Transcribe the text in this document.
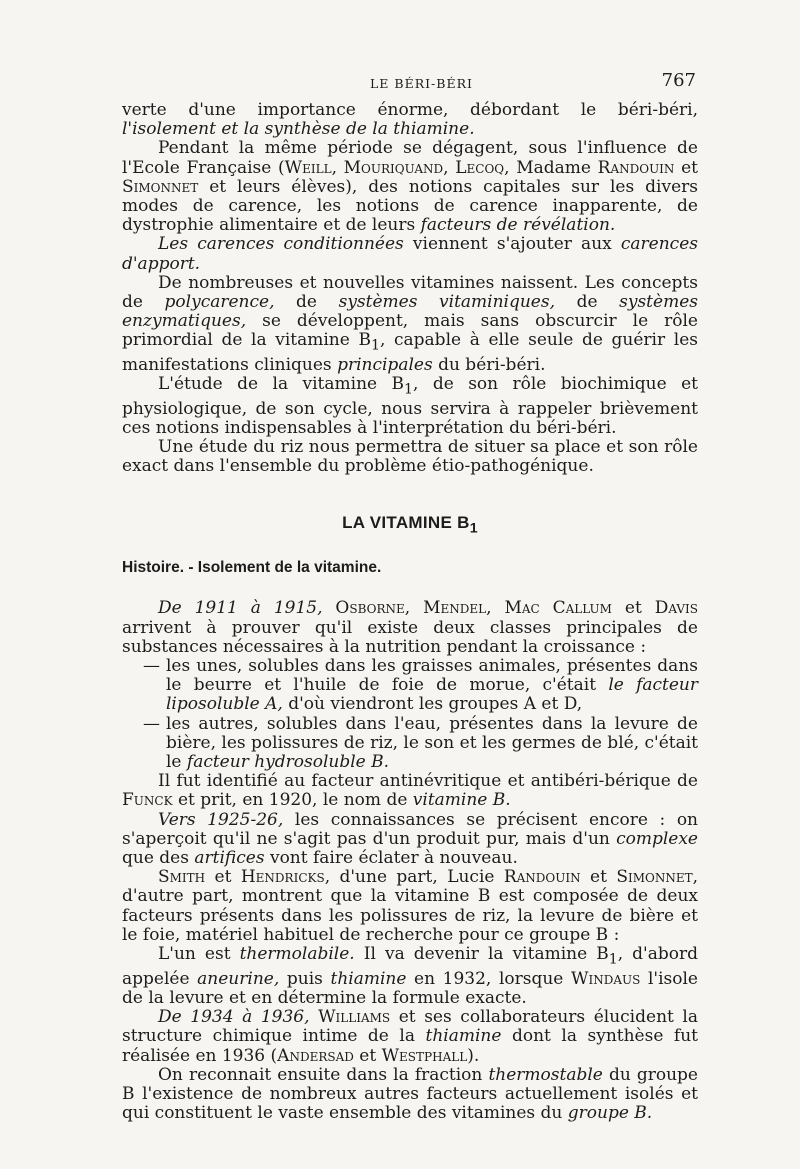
LE BÉRI-BÉRI	767

verte d'une importance énorme, débordant le béri-béri, l'isolement et la synthèse de la thiamine.

Pendant la même période se dégagent, sous l'influence de l'Ecole Française (Weill, Mouriquand, Lecoq, Madame Randouin et Simonnet et leurs élèves), des notions capitales sur les divers modes de carence, les notions de carence inapparente, de dystrophie alimentaire et de leurs facteurs de révélation.

Les carences conditionnées viennent s'ajouter aux carences d'apport.

De nombreuses et nouvelles vitamines naissent. Les concepts de polycarence, de systèmes vitaminiques, de systèmes enzymatiques, se développent, mais sans obscurcir le rôle primordial de la vitamine $B_1$, capable à elle seule de guérir les manifestations cliniques principales du béri-béri.

L'étude de la vitamine $B_1$, de son rôle biochimique et physiologique, de son cycle, nous servira à rappeler brièvement ces notions indispensables à l'interprétation du béri-béri.

Une étude du riz nous permettra de situer sa place et son rôle exact dans l'ensemble du problème étio-pathogénique.

LA VITAMINE $B_1$
Histoire. - Isolement de la vitamine.

De 1911 à 1915, Osborne, Mendel, Mac Callum et Davis arrivent à prouver qu'il existe deux classes principales de substances nécessaires à la nutrition pendant la croissance :

— les unes, solubles dans les graisses animales, présentes dans le beurre et l'huile de foie de morue, c'était le facteur liposoluble A, d'où viendront les groupes A et D,
— les autres, solubles dans l'eau, présentes dans la levure de bière, les polissures de riz, le son et les germes de blé, c'était le facteur hydrosoluble B.

Il fut identifié au facteur antinévritique et antibéri-bérique de Funck et prit, en 1920, le nom de vitamine B.

Vers 1925-26, les connaissances se précisent encore : on s'aperçoit qu'il ne s'agit pas d'un produit pur, mais d'un complexe que des artifices vont faire éclater à nouveau.

Smith et Hendricks, d'une part, Lucie Randouin et Simonnet, d'autre part, montrent que la vitamine B est composée de deux facteurs présents dans les polissures de riz, la levure de bière et le foie, matériel habituel de recherche pour ce groupe B :

L'un est thermolabile. Il va devenir la vitamine $B_1$, d'abord appelée aneurine, puis thiamine en 1932, lorsque Windaus l'isole de la levure et en détermine la formule exacte.

De 1934 à 1936, Williams et ses collaborateurs élucident la structure chimique intime de la thiamine dont la synthèse fut réalisée en 1936 (Andersad et Westphall).

On reconnait ensuite dans la fraction thermostable du groupe B l'existence de nombreux autres facteurs actuellement isolés et qui constituent le vaste ensemble des vitamines du groupe B.
